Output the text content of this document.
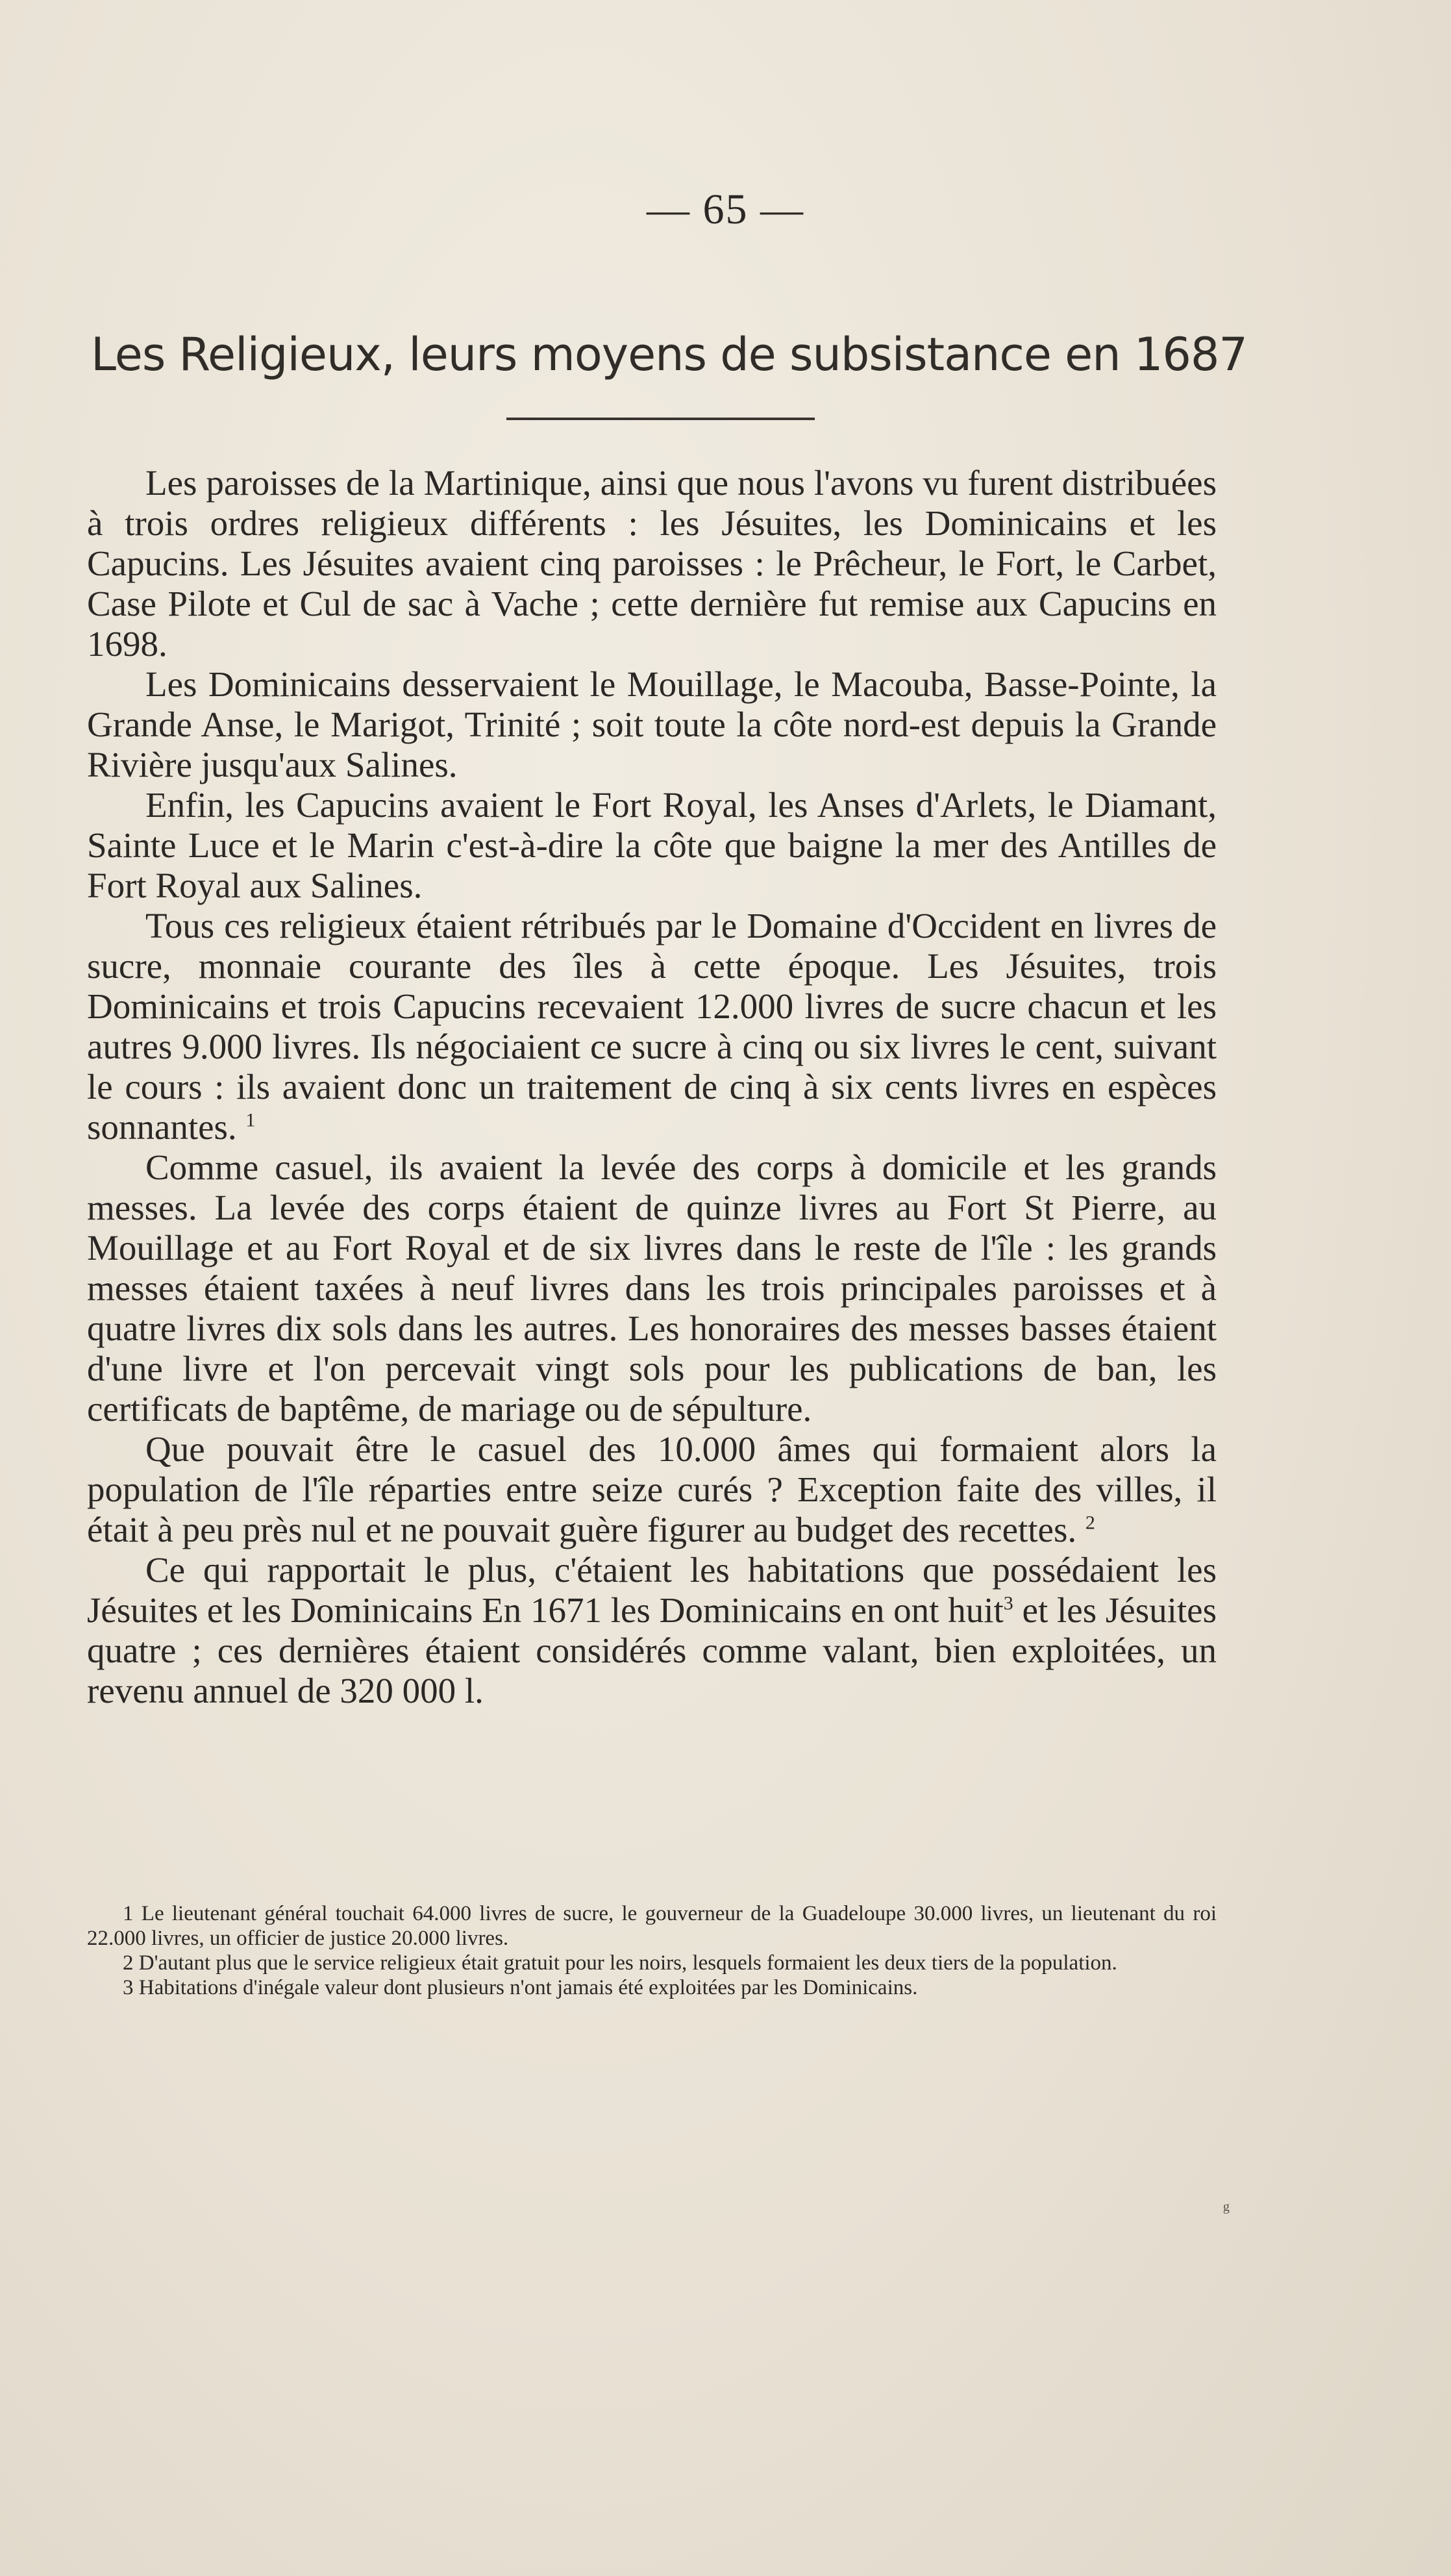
— 65 —
Les Religieux, leurs moyens de subsistance en 1687

Les paroisses de la Martinique, ainsi que nous l'avons vu furent distribuées à trois ordres religieux différents : les Jésuites, les Dominicains et les Capucins. Les Jésuites avaient cinq paroisses : le Prêcheur, le Fort, le Carbet, Case Pilote et Cul de sac à Vache ; cette dernière fut remise aux Capucins en 1698.

Les Dominicains desservaient le Mouillage, le Macouba, Basse-Pointe, la Grande Anse, le Marigot, Trinité ; soit toute la côte nord-est depuis la Grande Rivière jusqu'aux Salines.

Enfin, les Capucins avaient le Fort Royal, les Anses d'Arlets, le Diamant, Sainte Luce et le Marin c'est-à-dire la côte que baigne la mer des Antilles de Fort Royal aux Salines.

Tous ces religieux étaient rétribués par le Domaine d'Occident en livres de sucre, monnaie courante des îles à cette époque. Les Jésuites, trois Dominicains et trois Capucins recevaient 12.000 livres de sucre chacun et les autres 9.000 livres. Ils négociaient ce sucre à cinq ou six livres le cent, suivant le cours : ils avaient donc un traitement de cinq à six cents livres en espèces sonnantes. $^1$

Comme casuel, ils avaient la levée des corps à domicile et les grands messes. La levée des corps étaient de quinze livres au Fort St Pierre, au Mouillage et au Fort Royal et de six livres dans le reste de l'île : les grands messes étaient taxées à neuf livres dans les trois principales paroisses et à quatre livres dix sols dans les autres. Les honoraires des messes basses étaient d'une livre et l'on percevait vingt sols pour les publications de ban, les certificats de baptême, de mariage ou de sépulture.

Que pouvait être le casuel des 10.000 âmes qui formaient alors la population de l'île réparties entre seize curés ? Exception faite des villes, il était à peu près nul et ne pouvait guère figurer au budget des recettes. $^2$

Ce qui rapportait le plus, c'étaient les habitations que possédaient les Jésuites et les Dominicains En 1671 les Dominicains en ont huit$^3$ et les Jésuites quatre ; ces dernières étaient considérés comme valant, bien exploitées, un revenu annuel de 320 000 l.

1 Le lieutenant général touchait 64.000 livres de sucre, le gouverneur de la Guadeloupe 30.000 livres, un lieutenant du roi 22.000 livres, un officier de justice 20.000 livres.

2 D'autant plus que le service religieux était gratuit pour les noirs, lesquels formaient les deux tiers de la population.

3 Habitations d'inégale valeur dont plusieurs n'ont jamais été exploitées par les Dominicains.

ᵍ
